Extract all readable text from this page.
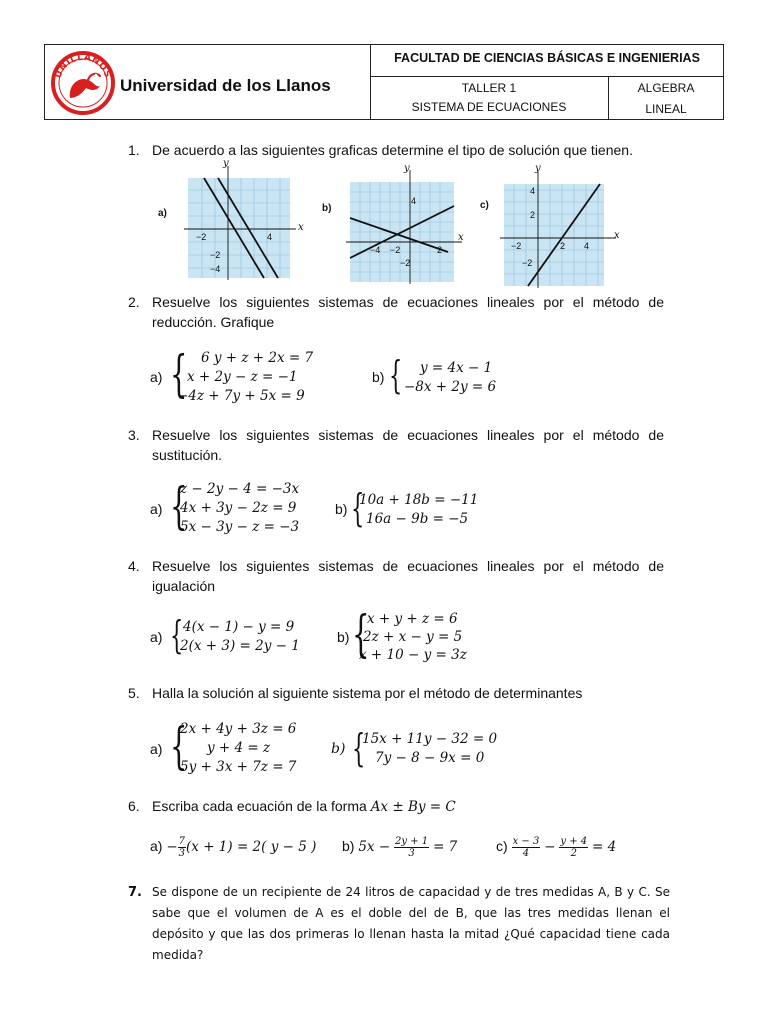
UNILLANOS
Universidad de los Llanos
FACULTAD DE CIENCIAS BÁSICAS E INGENIERIAS
TALLER 1
SISTEMA DE ECUACIONES
ALGEBRA
LINEAL
1. De acuerdo a las siguientes graficas determine el tipo de solución que tienen.
a)
y
x
−2	4
−2
−4
b)
y
x
−4 −2	2
4
−2
c)
y
x
−2	2 4
4
2
−2
2. Resuelve los siguientes sistemas de ecuaciones lineales por el método de reducción. Grafique
a) { 6 y + z + 2x = 7
x + 2y − z = −1
−4z + 7y + 5x = 9
b) { y = 4x − 1
−8x + 2y = 6
3. Resuelve los siguientes sistemas de ecuaciones lineales por el método de sustitución.
a) {
z − 2y − 4 = −3x
4x + 3y − 2z = 9
5x − 3y − z = −3
b) {
10a + 18b = −11
16a − 9b = −5
4. Resuelve los siguientes sistemas de ecuaciones lineales por el método de igualación
a) { 4(x − 1) − y = 9
2(x + 3) = 2y − 1
b) {
x + y + z = 6
2z + x − y = 5
x + 10 − y = 3z
5. Halla la solución al siguiente sistema por el método de determinantes
a) {
2x + 4y + 3z = 6
y + 4 = z
5y + 3x + 7z = 7
b) {
15x + 11y − 32 = 0
7y − 8 − 9x = 0
6. Escriba cada ecuación de la forma Ax ± By = C
$a) - \frac{7}{3} (x + 1) = 2$( y − 5 ) b) $5x - \frac{2y + 1}{3} = 7$	$c) \frac{x - 3}{4} - \frac{y + 4}{2} = 4$
7. Se dispone de un recipiente de 24 litros de capacidad y de tres medidas A, B y C. Se sabe que el volumen de A es el doble del de B, que las tres medidas llenan el depósito y que las dos primeras lo llenan hasta la mitad ¿Qué capacidad tiene cada medida?
